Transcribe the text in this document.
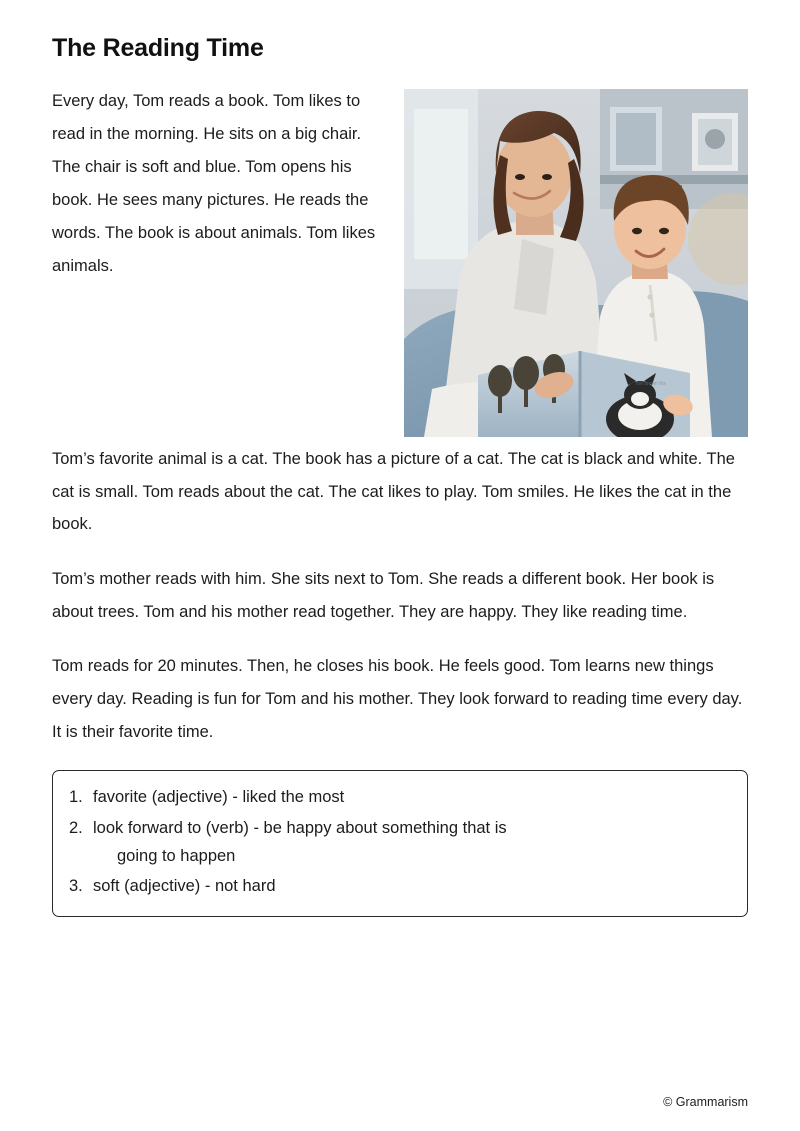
The Reading Time
the brown fox

Every day, Tom reads a book. Tom likes to read in the morning. He sits on a big chair. The chair is soft and blue. Tom opens his book. He sees many pictures. He reads the words. The book is about animals. Tom likes animals.

Tom’s favorite animal is a cat. The book has a picture of a cat. The cat is black and white. The cat is small. Tom reads about the cat. The cat likes to play. Tom smiles. He likes the cat in the book.

Tom’s mother reads with him. She sits next to Tom. She reads a different book. Her book is about trees. Tom and his mother read together. They are happy. They like reading time.

Tom reads for 20 minutes. Then, he closes his book. He feels good. Tom learns new things every day. Reading is fun for Tom and his mother. They look forward to reading time every day. It is their favorite time.

1. favorite (adjective) - liked the most
2. look forward to (verb) - be happy about something that is
going to happen
3. soft (adjective) - not hard
© Grammarism
